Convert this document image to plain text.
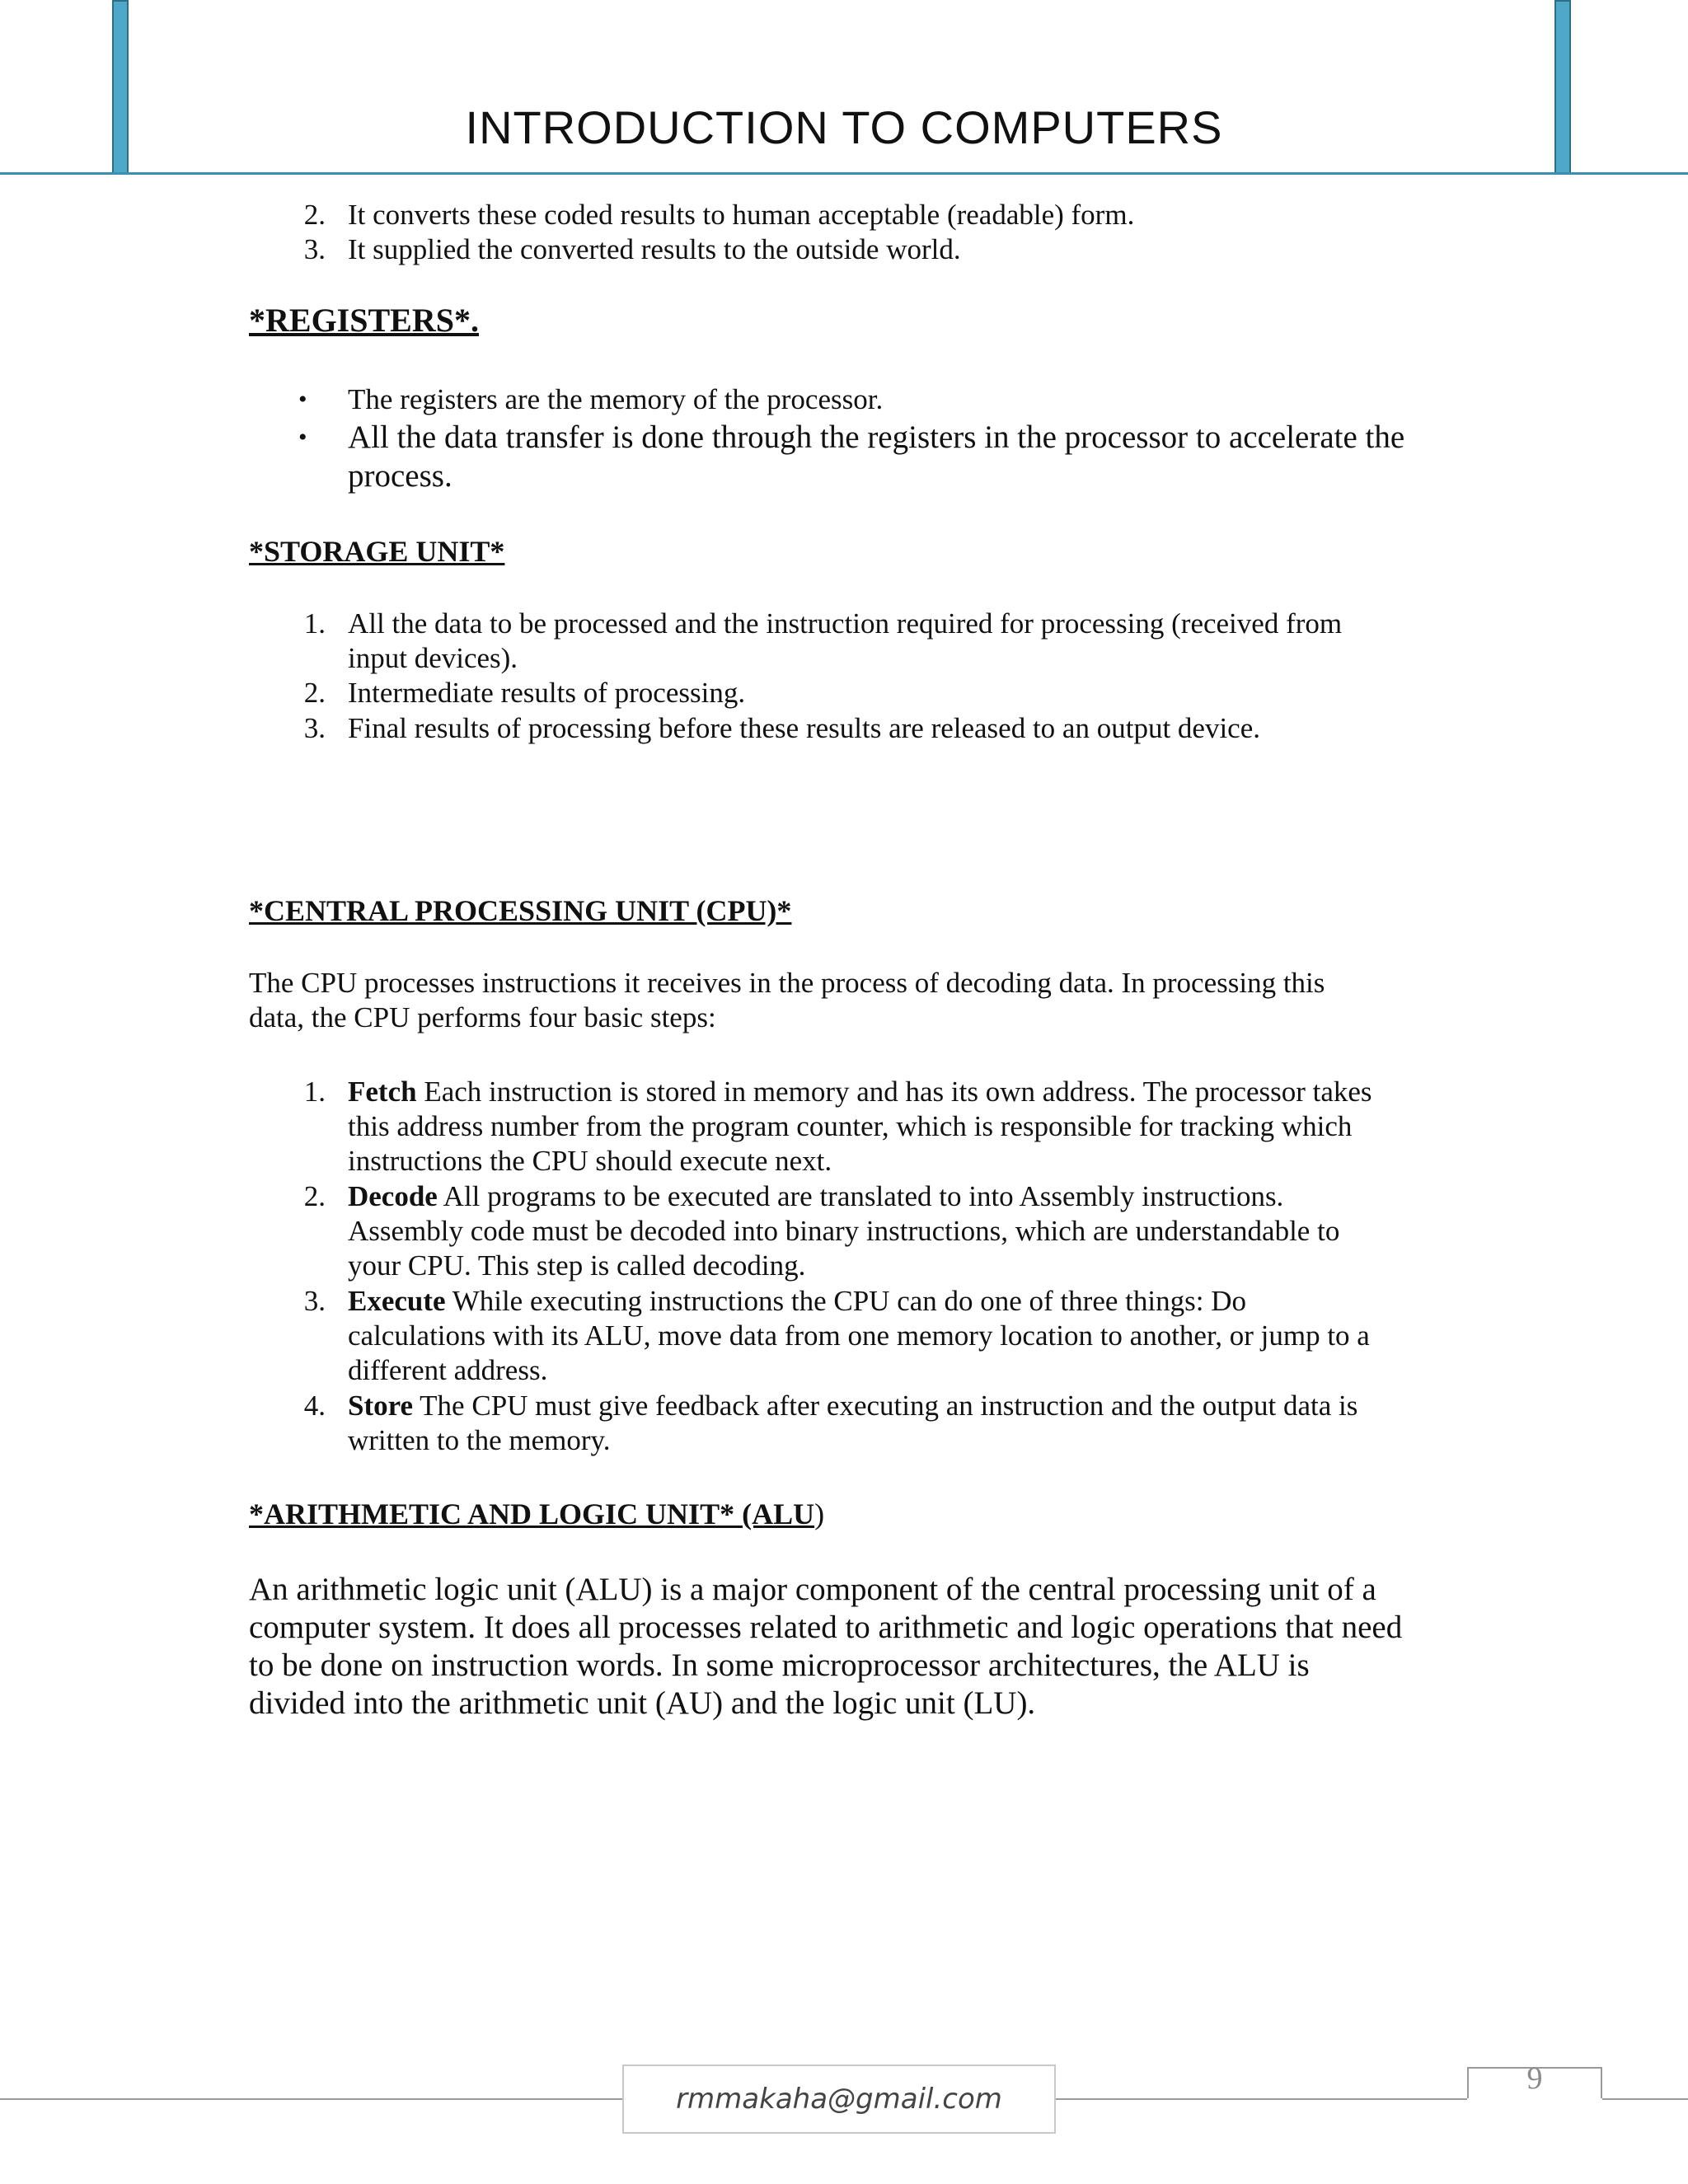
INTRODUCTION TO COMPUTERS
2. It converts these coded results to human acceptable (readable) form.
3. It supplied the converted results to the outside world.
*REGISTERS*.
• The registers are the memory of the processor.
• All the data transfer is done through the registers in the processor to accelerate the
process.
*STORAGE UNIT*
1. All the data to be processed and the instruction required for processing (received from
input devices).
2. Intermediate results of processing.
3. Final results of processing before these results are released to an output device.
*CENTRAL PROCESSING UNIT (CPU)*
The CPU processes instructions it receives in the process of decoding data. In processing this
data, the CPU performs four basic steps:
1. Fetch Each instruction is stored in memory and has its own address. The processor takes
this address number from the program counter, which is responsible for tracking which
instructions the CPU should execute next.
2. Decode All programs to be executed are translated to into Assembly instructions.
Assembly code must be decoded into binary instructions, which are understandable to
your CPU. This step is called decoding.
3. Execute While executing instructions the CPU can do one of three things: Do
calculations with its ALU, move data from one memory location to another, or jump to a
different address.
4. Store The CPU must give feedback after executing an instruction and the output data is
written to the memory.
*ARITHMETIC AND LOGIC UNIT* (ALU)
An arithmetic logic unit (ALU) is a major component of the central processing unit of a
computer system. It does all processes related to arithmetic and logic operations that need
to be done on instruction words. In some microprocessor architectures, the ALU is
divided into the arithmetic unit (AU) and the logic unit (LU).
rmmakaha@gmail.com
9
